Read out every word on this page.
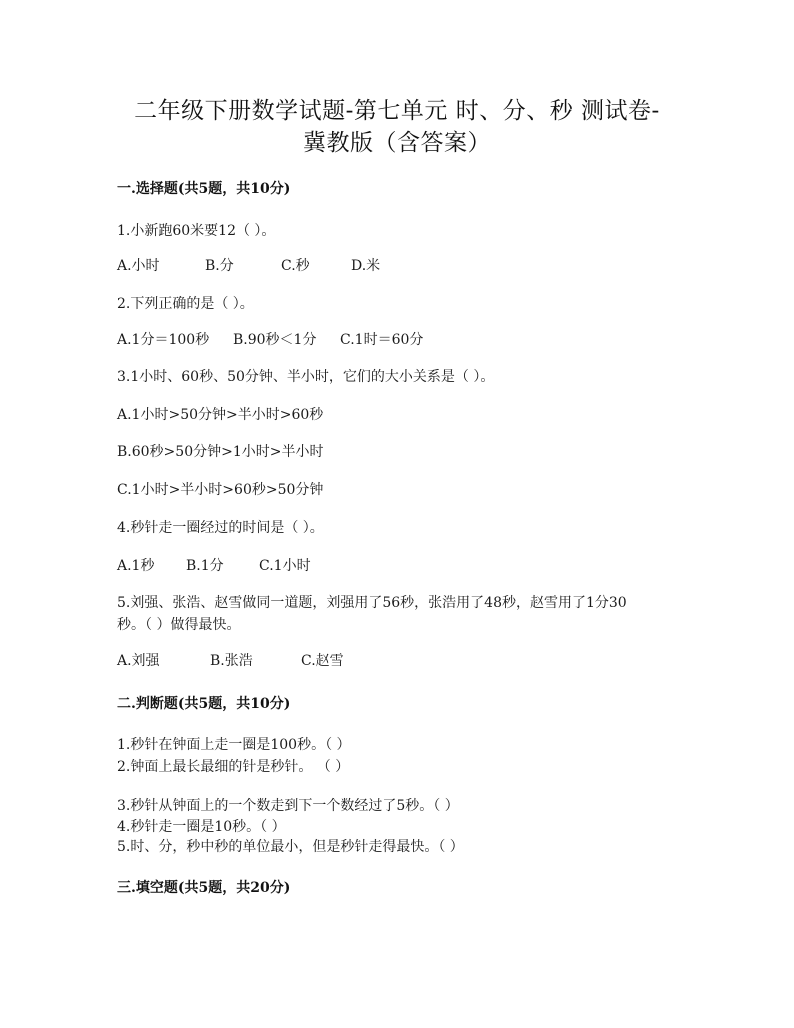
二年级下册数学试题-第七单元 时、分、秒 测试卷-
冀教版（含答案）
一.选择题(共5题，共10分)
1.小新跑60米要12（ ）。
A.小时	B.分	C.秒	D.米
2.下列正确的是（ ）。
A.1分＝100秒	B.90秒＜1分	C.1时＝60分
3.1小时、60秒、50分钟、半小时，它们的大小关系是（ ）。
A.1小时>50分钟>半小时>60秒
B.60秒>50分钟>1小时>半小时
C.1小时>半小时>60秒>50分钟
4.秒针走一圈经过的时间是（ ）。
A.1秒	B.1分	C.1小时
5.刘强、张浩、赵雪做同一道题，刘强用了56秒，张浩用了48秒，赵雪用了1分30
秒。（ ）做得最快。
A.刘强	B.张浩	C.赵雪
二.判断题(共5题，共10分)
1.秒针在钟面上走一圈是100秒。（ ）
2.钟面上最长最细的针是秒针。 （ ）
3.秒针从钟面上的一个数走到下一个数经过了5秒。（ ）
4.秒针走一圈是10秒。（ ）
5.时、分，秒中秒的单位最小，但是秒针走得最快。（ ）
三.填空题(共5题，共20分)
